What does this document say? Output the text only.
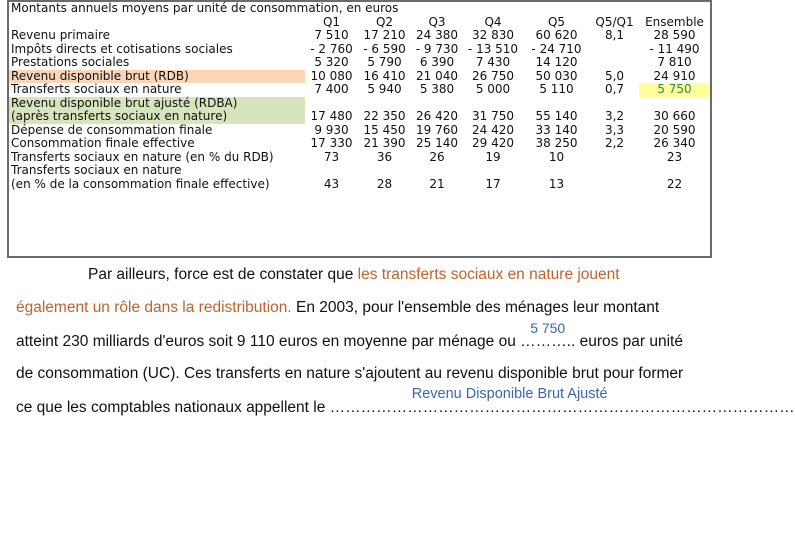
Montants annuels moyens par unité de consommation, en euros							
	Q1	Q2	Q3	Q4	Q5	Q5/Q1	Ensemble
Revenu primaire	7 510	17 210	24 380	32 830	60 620	8,1	28 590
Impôts directs et cotisations sociales	- 2 760	- 6 590	- 9 730	- 13 510	- 24 710		- 11 490
Prestations sociales	5 320	5 790	6 390	7 430	14 120		7 810
Revenu disponible brut (RDB)	10 080	16 410	21 040	26 750	50 030	5,0	24 910
Transferts sociaux en nature	7 400	5 940	5 380	5 000	5 110	0,7	5 750

Revenu disponible brut ajusté (RDBA)
(après transferts sociaux en nature)	17 480	22 350	26 420	31 750	55 140	3,2	30 660
Dépense de consommation finale	9 930	15 450	19 760	24 420	33 140	3,3	20 590
Consommation finale effective	17 330	21 390	25 140	29 420	38 250	2,2	26 340
Transferts sociaux en nature (en % du RDB)	73	36	26	19	10		23

Transferts sociaux en nature
(en % de la consommation finale effective)	43	28	21	17	13		22
Par ailleurs, force est de constater que les transferts sociaux en nature jouent
également un rôle dans la redistribution. En 2003, pour l'ensemble des ménages leur montant
atteint 230 milliards d'euros soit 9 110 euros en moyenne par ménage ou
5 750
……….. euros par unité
de consommation (UC). Ces transferts en nature s'ajoutent au revenu disponible brut pour former
ce que les comptables nationaux appellent le
Revenu Disponible Brut Ajusté
………………………………………………………………………………
